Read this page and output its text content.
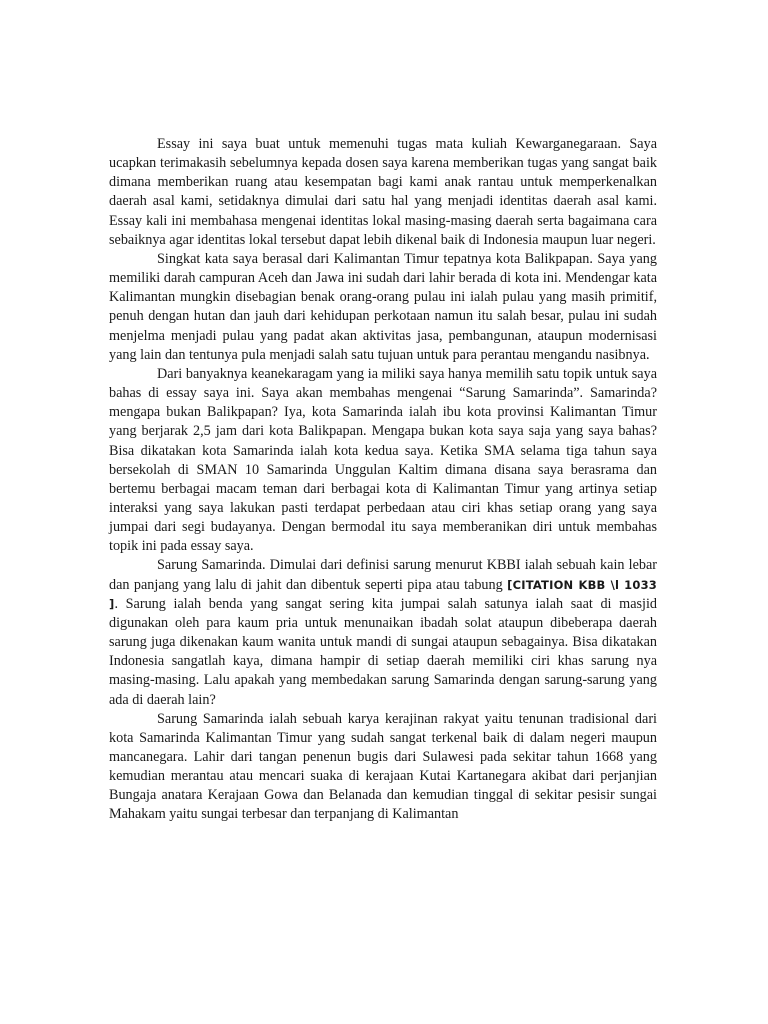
Essay ini saya buat untuk memenuhi tugas mata kuliah Kewarganegaraan. Saya ucapkan terimakasih sebelumnya kepada dosen saya karena memberikan tugas yang sangat baik dimana memberikan ruang atau kesempatan bagi kami anak rantau untuk memperkenalkan daerah asal kami, setidaknya dimulai dari satu hal yang menjadi identitas daerah asal kami. Essay kali ini membahasa mengenai identitas lokal masing-masing daerah serta bagaimana cara sebaiknya agar identitas lokal tersebut dapat lebih dikenal baik di Indonesia maupun luar negeri.

Singkat kata saya berasal dari Kalimantan Timur tepatnya kota Balikpapan. Saya yang memiliki darah campuran Aceh dan Jawa ini sudah dari lahir berada di kota ini. Mendengar kata Kalimantan mungkin disebagian benak orang-orang pulau ini ialah pulau yang masih primitif, penuh dengan hutan dan jauh dari kehidupan perkotaan namun itu salah besar, pulau ini sudah menjelma menjadi pulau yang padat akan aktivitas jasa, pembangunan, ataupun modernisasi yang lain dan tentunya pula menjadi salah satu tujuan untuk para perantau mengandu nasibnya.

Dari banyaknya keanekaragam yang ia miliki saya hanya memilih satu topik untuk saya bahas di essay saya ini. Saya akan membahas mengenai “Sarung Samarinda”. Samarinda? mengapa bukan Balikpapan? Iya, kota Samarinda ialah ibu kota provinsi Kalimantan Timur yang berjarak 2,5 jam dari kota Balikpapan. Mengapa bukan kota saya saja yang saya bahas? Bisa dikatakan kota Samarinda ialah kota kedua saya. Ketika SMA selama tiga tahun saya bersekolah di SMAN 10 Samarinda Unggulan Kaltim dimana disana saya berasrama dan bertemu berbagai macam teman dari berbagai kota di Kalimantan Timur yang artinya setiap interaksi yang saya lakukan pasti terdapat perbedaan atau ciri khas setiap orang yang saya jumpai dari segi budayanya. Dengan bermodal itu saya memberanikan diri untuk membahas topik ini pada essay saya.

Sarung Samarinda. Dimulai dari definisi sarung menurut KBBI ialah sebuah kain lebar dan panjang yang lalu di jahit dan dibentuk seperti pipa atau tabung [CITATION KBB \l 1033 ]. Sarung ialah benda yang sangat sering kita jumpai salah satunya ialah saat di masjid digunakan oleh para kaum pria untuk menunaikan ibadah solat ataupun dibeberapa daerah sarung juga dikenakan kaum wanita untuk mandi di sungai ataupun sebagainya. Bisa dikatakan Indonesia sangatlah kaya, dimana hampir di setiap daerah memiliki ciri khas sarung nya masing-masing. Lalu apakah yang membedakan sarung Samarinda dengan sarung-sarung yang ada di daerah lain?

Sarung Samarinda ialah sebuah karya kerajinan rakyat yaitu tenunan tradisional dari kota Samarinda Kalimantan Timur yang sudah sangat terkenal baik di dalam negeri maupun mancanegara. Lahir dari tangan penenun bugis dari Sulawesi pada sekitar tahun 1668 yang kemudian merantau atau mencari suaka di kerajaan Kutai Kartanegara akibat dari perjanjian Bungaja anatara Kerajaan Gowa dan Belanada dan kemudian tinggal di sekitar pesisir sungai Mahakam yaitu sungai terbesar dan terpanjang di Kalimantan
